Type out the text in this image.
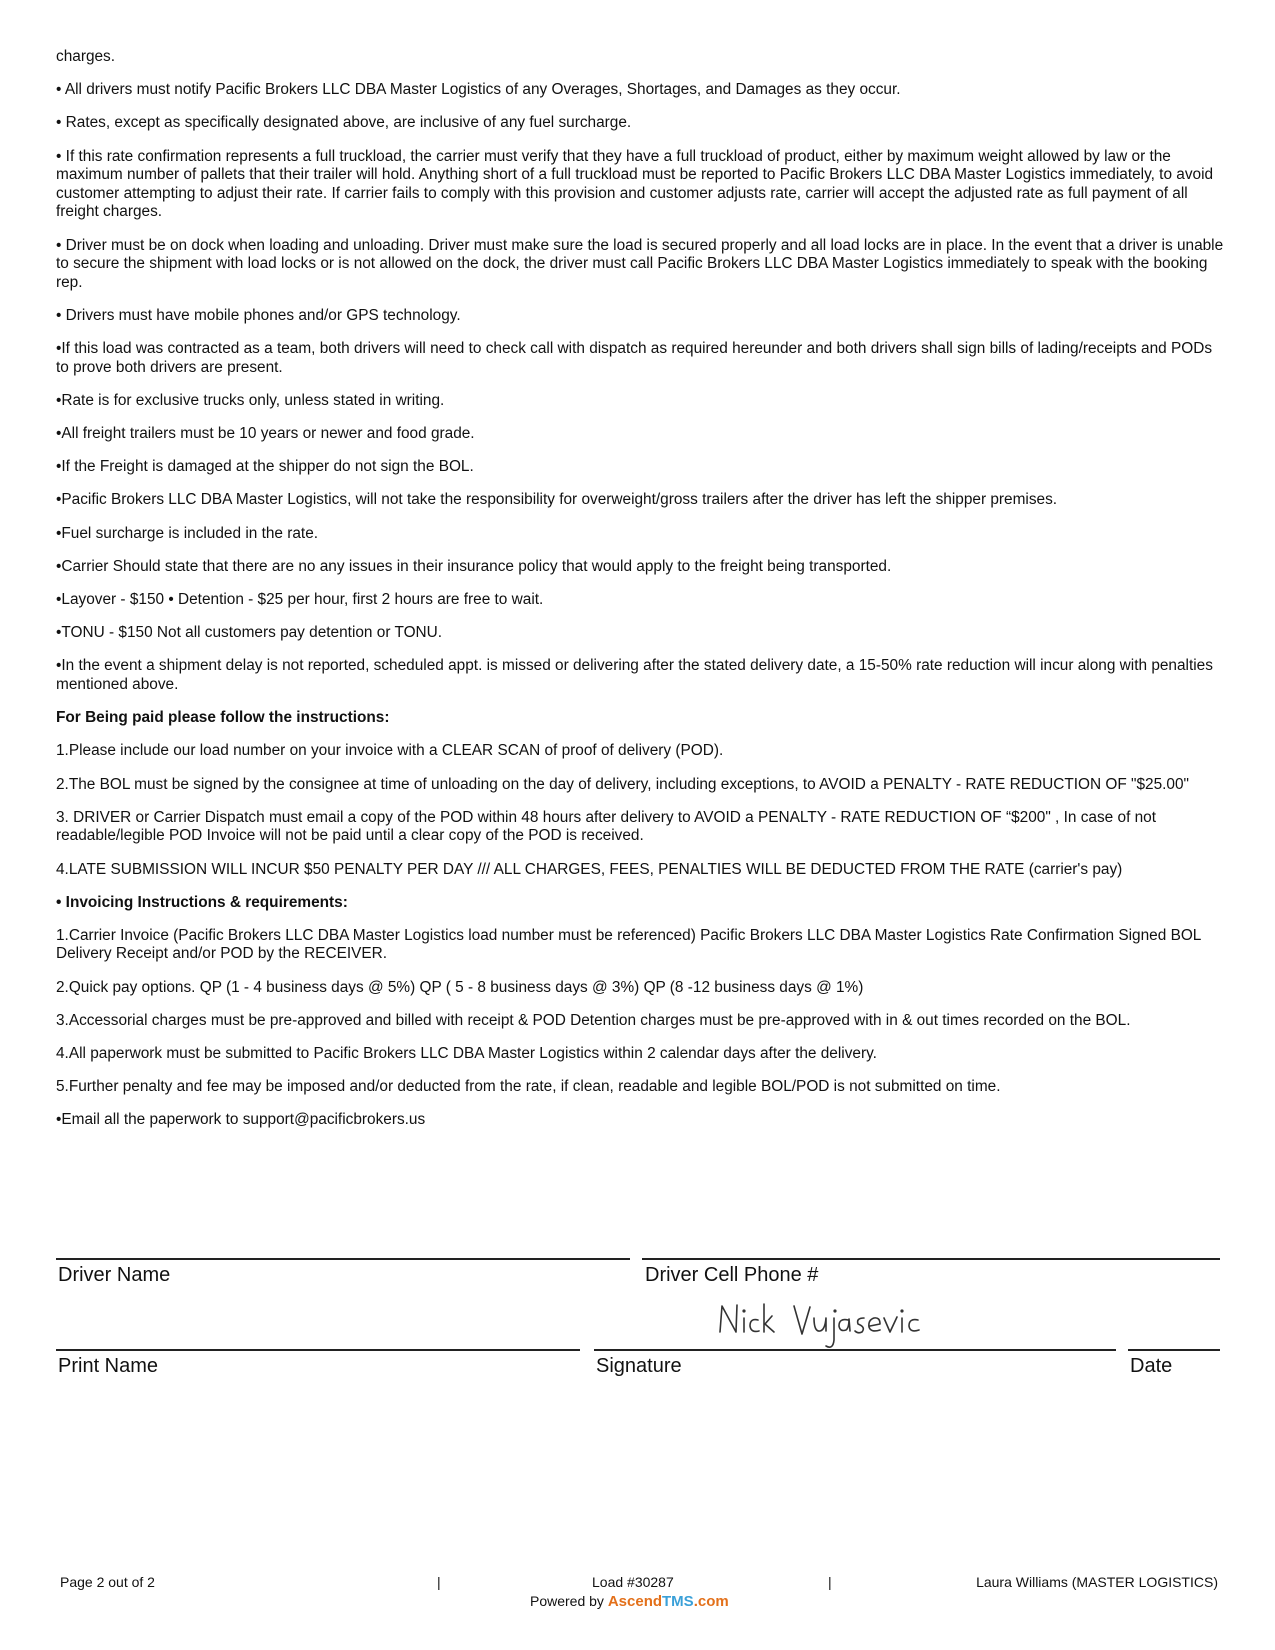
charges.

• All drivers must notify Pacific Brokers LLC DBA Master Logistics of any Overages, Shortages, and Damages as they occur.

• Rates, except as specifically designated above, are inclusive of any fuel surcharge.

• If this rate confirmation represents a full truckload, the carrier must verify that they have a full truckload of product, either by maximum weight allowed by law or the maximum number of pallets that their trailer will hold. Anything short of a full truckload must be reported to Pacific Brokers LLC DBA Master Logistics immediately, to avoid customer attempting to adjust their rate. If carrier fails to comply with this provision and customer adjusts rate, carrier will accept the adjusted rate as full payment of all freight charges.

• Driver must be on dock when loading and unloading. Driver must make sure the load is secured properly and all load locks are in place. In the event that a driver is unable to secure the shipment with load locks or is not allowed on the dock, the driver must call Pacific Brokers LLC DBA Master Logistics immediately to speak with the booking rep.

• Drivers must have mobile phones and/or GPS technology.

•If this load was contracted as a team, both drivers will need to check call with dispatch as required hereunder and both drivers shall sign bills of lading/receipts and PODs to prove both drivers are present.

•Rate is for exclusive trucks only, unless stated in writing.

•All freight trailers must be 10 years or newer and food grade.

•If the Freight is damaged at the shipper do not sign the BOL.

•Pacific Brokers LLC DBA Master Logistics, will not take the responsibility for overweight/gross trailers after the driver has left the shipper premises.

•Fuel surcharge is included in the rate.

•Carrier Should state that there are no any issues in their insurance policy that would apply to the freight being transported.

•Layover - $150 • Detention - $25 per hour, first 2 hours are free to wait.

•TONU - $150 Not all customers pay detention or TONU.

•In the event a shipment delay is not reported, scheduled appt. is missed or delivering after the stated delivery date, a 15-50% rate reduction will incur along with penalties mentioned above.

For Being paid please follow the instructions:

1.Please include our load number on your invoice with a CLEAR SCAN of proof of delivery (POD).

2.The BOL must be signed by the consignee at time of unloading on the day of delivery, including exceptions, to AVOID a PENALTY - RATE REDUCTION OF "$25.00"

3. DRIVER or Carrier Dispatch must email a copy of the POD within 48 hours after delivery to AVOID a PENALTY - RATE REDUCTION OF “$200" , In case of not readable/legible POD Invoice will not be paid until a clear copy of the POD is received.

4.LATE SUBMISSION WILL INCUR $50 PENALTY PER DAY /// ALL CHARGES, FEES, PENALTIES WILL BE DEDUCTED FROM THE RATE (carrier's pay)

• Invoicing Instructions & requirements:

1.Carrier Invoice (Pacific Brokers LLC DBA Master Logistics load number must be referenced) Pacific Brokers LLC DBA Master Logistics Rate Confirmation Signed BOL Delivery Receipt and/or POD by the RECEIVER.

2.Quick pay options. QP (1 - 4 business days @ 5%) QP ( 5 - 8 business days @ 3%) QP (8 -12 business days @ 1%)

3.Accessorial charges must be pre-approved and billed with receipt & POD Detention charges must be pre-approved with in & out times recorded on the BOL.

4.All paperwork must be submitted to Pacific Brokers LLC DBA Master Logistics within 2 calendar days after the delivery.

5.Further penalty and fee may be imposed and/or deducted from the rate, if clean, readable and legible BOL/POD is not submitted on time.

•Email all the paperwork to support@pacificbrokers.us

Driver Name	Driver Cell Phone #
Print Name	Signature	Date
Page 2 out of 2	|	Load #30287	|	Laura Williams (MASTER LOGISTICS)
Powered by AscendTMS.com
